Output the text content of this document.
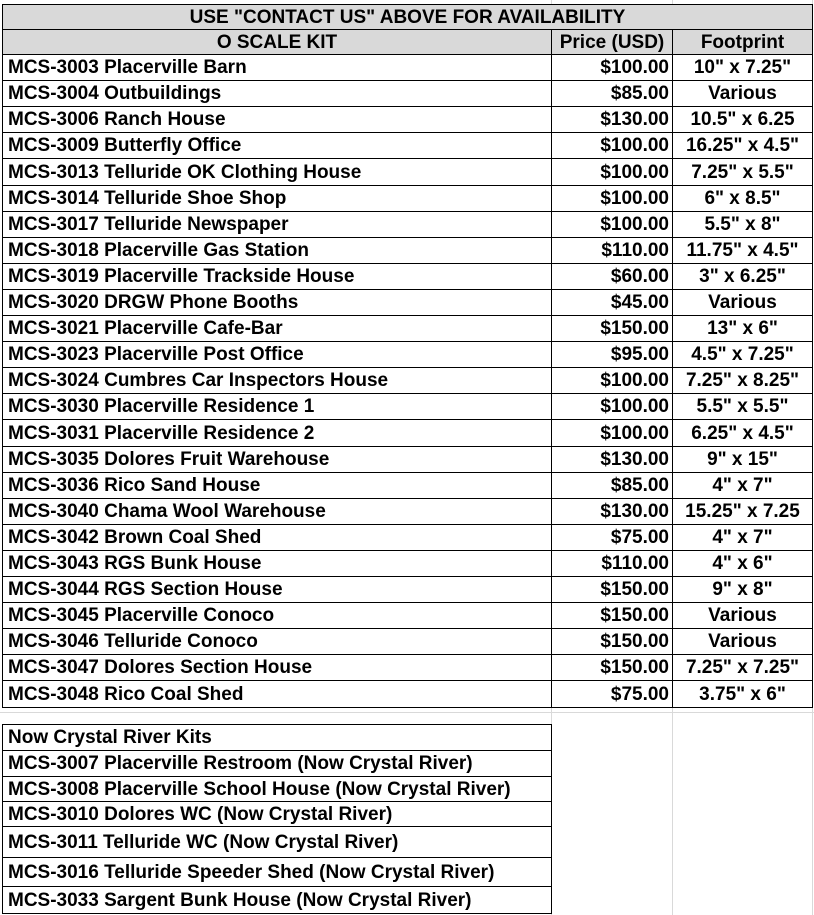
USE "CONTACT US" ABOVE FOR AVAILABILITY
O SCALE KIT	Price (USD)	Footprint
MCS-3003 Placerville Barn	$100.00	10" x 7.25"
MCS-3004 Outbuildings	$85.00	Various
MCS-3006 Ranch House	$130.00	10.5" x 6.25
MCS-3009 Butterfly Office	$100.00 16.25" x 4.5"
MCS-3013 Telluride OK Clothing House	$100.00	7.25" x 5.5"
MCS-3014 Telluride Shoe Shop	$100.00	6" x 8.5"
MCS-3017 Telluride Newspaper	$100.00	5.5" x 8"
MCS-3018 Placerville Gas Station	$110.00 11.75" x 4.5"
MCS-3019 Placerville Trackside House	$60.00	3" x 6.25"
MCS-3020 DRGW Phone Booths	$45.00	Various
MCS-3021 Placerville Cafe-Bar	$150.00	13" x 6"
MCS-3023 Placerville Post Office	$95.00	4.5" x 7.25"
MCS-3024 Cumbres Car Inspectors House	$100.00 7.25" x 8.25"
MCS-3030 Placerville Residence 1	$100.00	5.5" x 5.5"
MCS-3031 Placerville Residence 2	$100.00	6.25" x 4.5"
MCS-3035 Dolores Fruit Warehouse	$130.00	9" x 15"
MCS-3036 Rico Sand House	$85.00	4" x 7"
MCS-3040 Chama Wool Warehouse	$130.00 15.25" x 7.25
MCS-3042 Brown Coal Shed	$75.00	4" x 7"
MCS-3043 RGS Bunk House	$110.00	4" x 6"
MCS-3044 RGS Section House	$150.00	9" x 8"
MCS-3045 Placerville Conoco	$150.00	Various
MCS-3046 Telluride Conoco	$150.00	Various
MCS-3047 Dolores Section House	$150.00 7.25" x 7.25"
MCS-3048 Rico Coal Shed	$75.00	3.75" x 6"
Now Crystal River Kits
MCS-3007 Placerville Restroom (Now Crystal River)
MCS-3008 Placerville School House (Now Crystal River)
MCS-3010 Dolores WC (Now Crystal River)
MCS-3011 Telluride WC (Now Crystal River)
MCS-3016 Telluride Speeder Shed (Now Crystal River)
MCS-3033 Sargent Bunk House (Now Crystal River)
